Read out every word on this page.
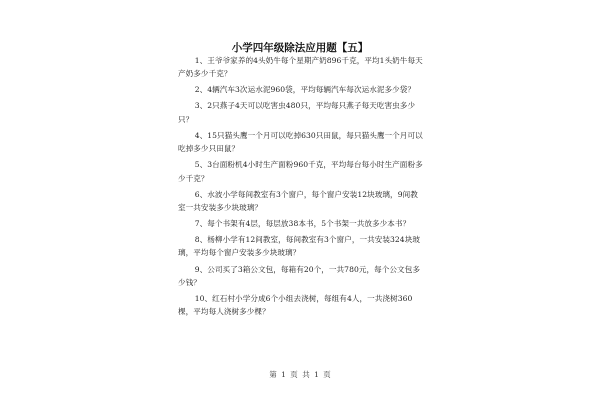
小学四年级除法应用题【五】

1、王爷爷家养的4头奶牛每个星期产奶896千克，平均1头奶牛每天产奶多少千克？

2、4辆汽车3次运水泥960袋，平均每辆汽车每次运水泥多少袋？

3、2只燕子4天可以吃害虫480只，平均每只燕子每天吃害虫多少只？

4、15只猫头鹰一个月可以吃掉630只田鼠，每只猫头鹰一个月可以吃掉多少只田鼠？

5、3台面粉机4小时生产面粉960千克，平均每台每小时生产面粉多少千克？

6、水波小学每间教室有3个窗户，每个窗户安装12块玻璃，9间教室一共安装多少块玻璃？

7、每个书架有4层，每层放38本书，5个书架一共放多少本书？

8、杨柳小学有12间教室，每间教室有3个窗户，一共安装324块玻璃，平均每个窗户安装多少块玻璃？

9、公司买了3箱公文包，每箱有20个，一共780元，每个公文包多少钱？

10、红石村小学分成6个小组去浇树，每组有4人，一共浇树360棵，平均每人浇树多少棵？

第 1 页 共 1 页
